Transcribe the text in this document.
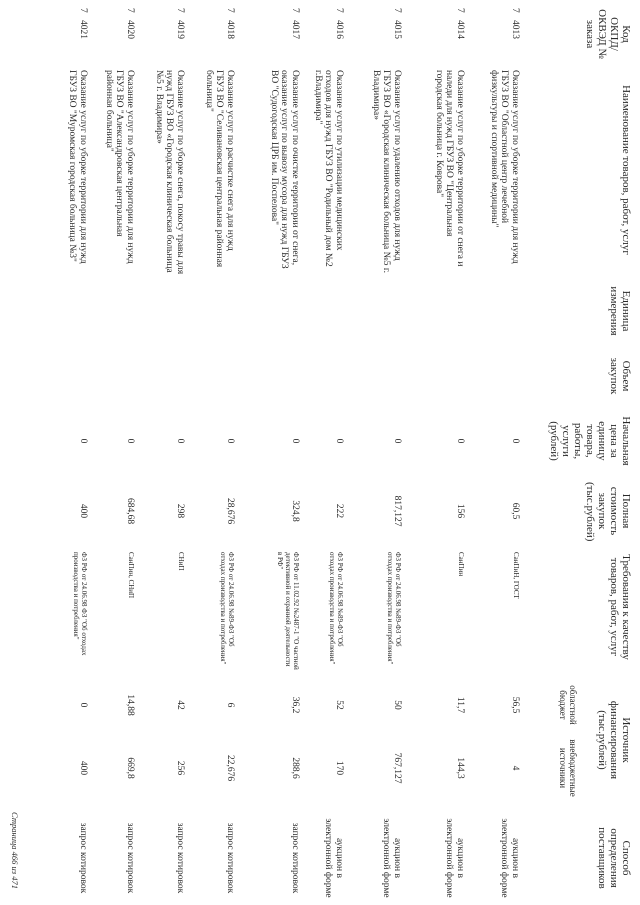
Код ОКПД/ ОКВЭД № заказа
Наименование товаров, работ, услуг
Единица измерения
Объем закупок
Начальная цена за единицу товара, работы, услуги (рублей)
Полная стоимость закупок (тыс.рублей)
Требования к качеству товаров, работ, услуг
Источник финансирования (тыс.рублей)
областной бюджет
внебюджетные источники
Способ определения поставщиков
7
4013
Оказание услуг по уборке территории для нужд ГБУЗ ВО "Областной центр лечебной физкультуры и спортивной медицины"
0
60,5
СанПиН, ГОСТ
56,5
4
аукцион в электронной форме
7
4014
Оказание услуг по уборке территории от снега и наледи для нужд ГБУЗ ВО "Центральная городская больница г. Коврова"
0
156
СанПин
11,7
144,3
аукцион в электронной форме
7
4015
Оказание услуг по удалению отходов для нужд ГБУЗ ВО «Городская клиническая больница №5 г. Владимира»
0
817,127
ФЗ РФ от 24.06.98 №89-ФЗ "Об отходах производства и потребления"
50
767,127
аукцион в электронной форме
7
4016
Оказание услуг по утилизации медицинских отходов для нужд ГБУЗ ВО "Родильный дом №2 г.Владимира"
0
222
ФЗ РФ от 24.06.98 №89-ФЗ "Об отходах производства и потребления"
52
170
аукцион в электронной форме
7
4017
Оказание услуг по очистке территории от снега, оказание услуг по вывозу мусора для нужд ГБУЗ ВО "Судогодская ЦРБ им. Поспелова"
0
324,8
ФЗ РФ от 11.02.92 №2487-1 "О частной детективной и охранной деятельности в РФ"
36,2
288,6
запрос котировок
7
4018
Оказание услуг по расчистке снега для нужд ГБУЗ ВО "Селивановская центральная районная больница"
0
28,676
ФЗ РФ от 24.06.98 №89-ФЗ "Об отходах производства и потребления"
6
22,676
запрос котировок
7
4019
Оказание услуг по уборке снега, покосу травы для нужд ГБУЗ ВО «Городская клиническая больница №5 г. Владимира»
0
298
СНиП
42
256
запрос котировок
7
4020
Оказание услуг по уборке территории для нужд ГБУЗ ВО "Александровская центральная районная больница"
0
684,68
СанПин, СНиП
14,88
669,8
запрос котировок
7
4021
Оказание услуг по уборке территории для нужд ГБУЗ ВО "Муромская городская больница №3"
0
400
ФЗ РФ от 24.06.98 ФЗ "Об отходах производства и потребления"
0
400
запрос котировок
Страница 466 из 471
